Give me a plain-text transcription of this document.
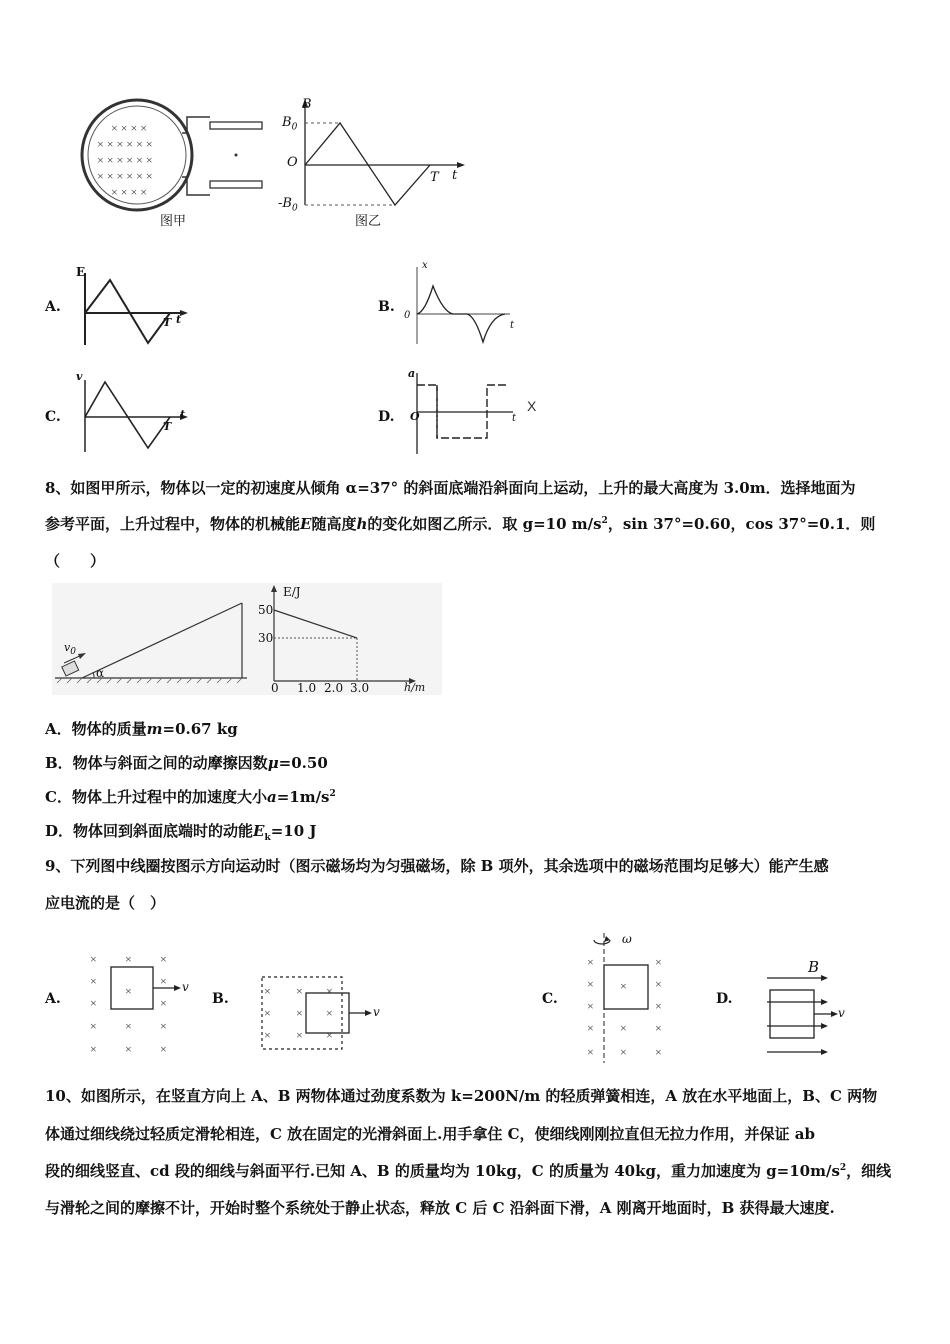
× × × ×
× × × × × ×
× × × × × ×
× × × × × ×
× × × ×
B
$B_0$
O
$-B_0$
T t
图甲	图乙
A.
E
T t
B.
x
0
t
C.
v
T
t	D.
a
O	t
X
8、如图甲所示，物体以一定的初速度从倾角 α=37° 的斜面底端沿斜面向上运动，上升的最大高度为 3.0m．选择地面为
参考平面，上升过程中，物体的机械能E随高度h的变化如图乙所示．取 g=10 $m/s^2$，sin 37°=0.60，cos 37°=0.1．则
（　　）
$v_0$
α
E/J
50
30
0 1.0 2.0 3.0	h/m
A．物体的质量m=0.67 kg
B．物体与斜面之间的动摩擦因数μ=0.50
C．物体上升过程中的加速度大小$a=1m/s^2$
D．物体回到斜面底端时的动能$E_k=10$ J
9、下列图中线圈按图示方向运动时（图示磁场均为匀强磁场，除 B 项外，其余选项中的磁场范围均足够大）能产生感
应电流的是（　）
A.
× × ×
×	×
×	×
× × ×
× × ×
×	v
B.	× × ×
× × ×
× × ×
v
C.
×	×
×	×
×	×
× × ×
× × ×
×
ω
D.
B
v
10、如图所示，在竖直方向上 A、B 两物体通过劲度系数为 k=200N/m 的轻质弹簧相连，A 放在水平地面上，B、C 两物
体通过细线绕过轻质定滑轮相连，C 放在固定的光滑斜面上.用手拿住 C，使细线刚刚拉直但无拉力作用，并保证 ab
段的细线竖直、cd 段的细线与斜面平行.已知 A、B 的质量均为 10kg，C 的质量为 40kg，重力加速度为 $g=10m/s^2$，细线
与滑轮之间的摩擦不计，开始时整个系统处于静止状态，释放 C 后 C 沿斜面下滑，A 刚离开地面时，B 获得最大速度.
